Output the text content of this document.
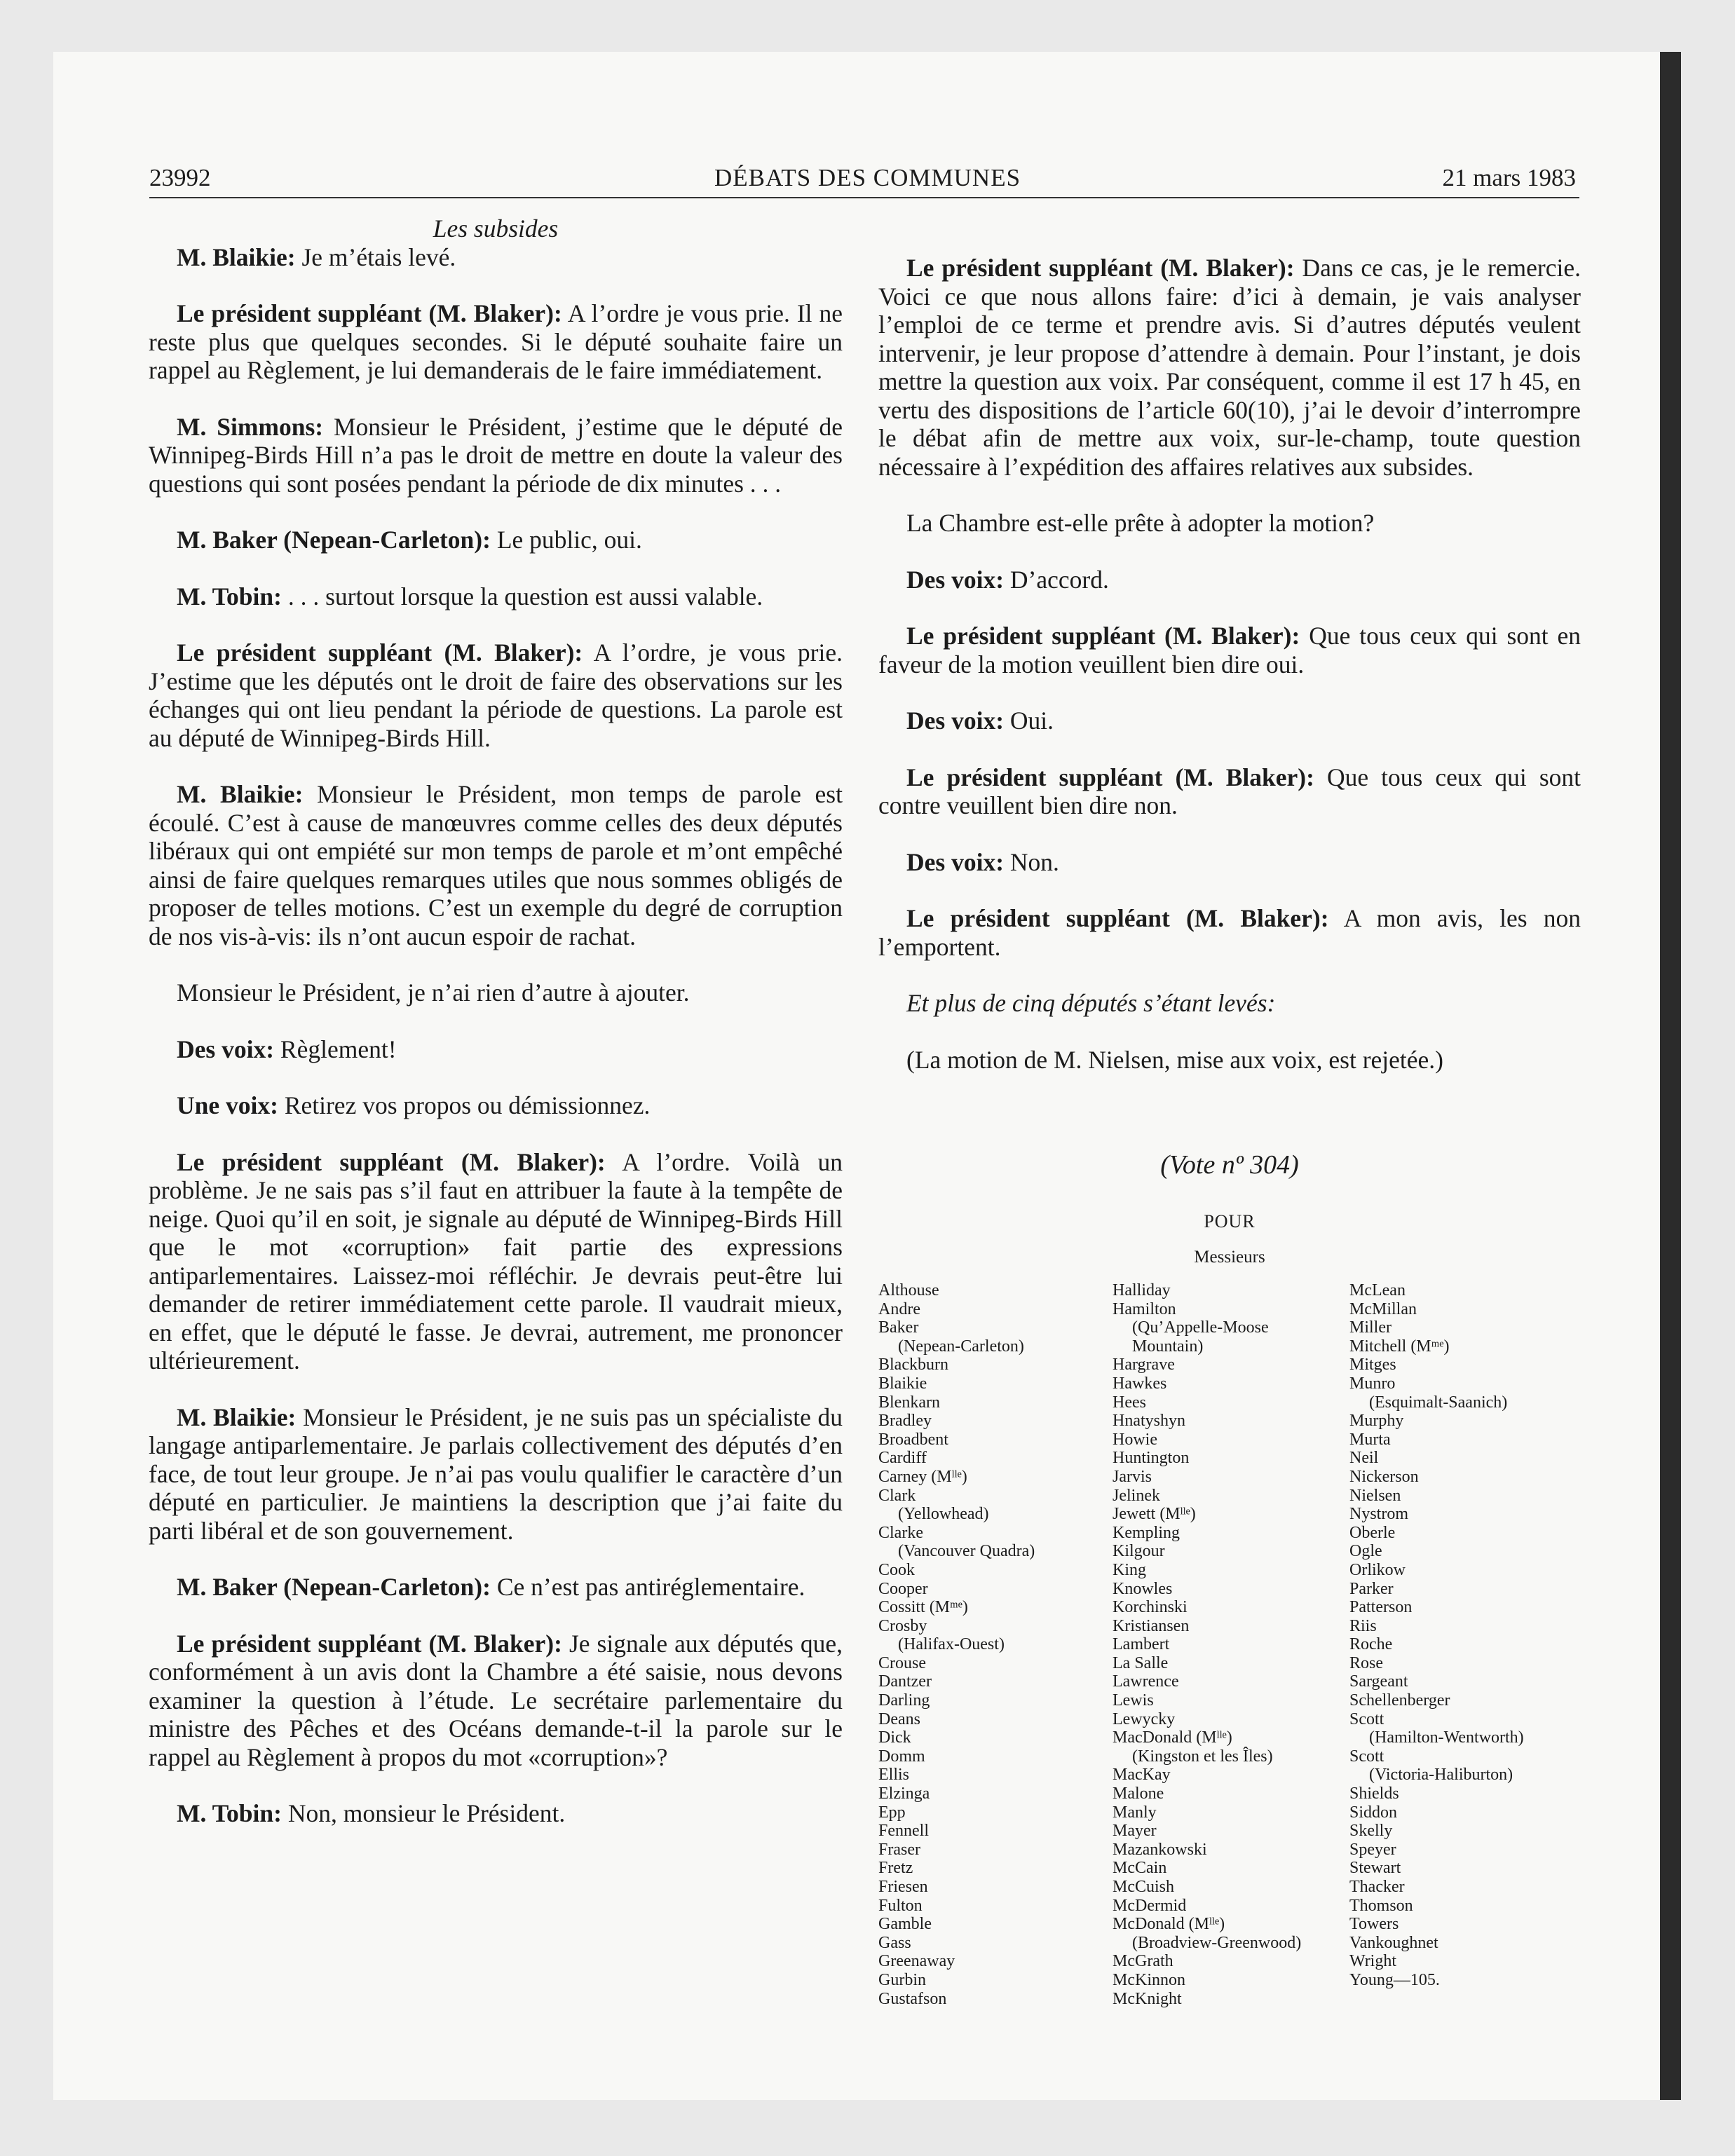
23992	DÉBATS DES COMMUNES	21 mars 1983

Les subsides

M. Blaikie: Je m’étais levé.

Le président suppléant (M. Blaker): A l’ordre je vous prie. Il ne reste plus que quelques secondes. Si le député souhaite faire un rappel au Règlement, je lui demanderais de le faire immédiatement.

M. Simmons: Monsieur le Président, j’estime que le député de Winnipeg-Birds Hill n’a pas le droit de mettre en doute la valeur des questions qui sont posées pendant la période de dix minutes . . .

M. Baker (Nepean-Carleton): Le public, oui.

M. Tobin: . . . surtout lorsque la question est aussi valable.

Le président suppléant (M. Blaker): A l’ordre, je vous prie. J’estime que les députés ont le droit de faire des observations sur les échanges qui ont lieu pendant la période de questions. La parole est au député de Winnipeg-Birds Hill.

M. Blaikie: Monsieur le Président, mon temps de parole est écoulé. C’est à cause de manœuvres comme celles des deux députés libéraux qui ont empiété sur mon temps de parole et m’ont empêché ainsi de faire quelques remarques utiles que nous sommes obligés de proposer de telles motions. C’est un exemple du degré de corruption de nos vis-à-vis: ils n’ont aucun espoir de rachat.

Monsieur le Président, je n’ai rien d’autre à ajouter.

Des voix: Règlement!

Une voix: Retirez vos propos ou démissionnez.

Le président suppléant (M. Blaker): A l’ordre. Voilà un problème. Je ne sais pas s’il faut en attribuer la faute à la tempête de neige. Quoi qu’il en soit, je signale au député de Winnipeg-Birds Hill que le mot «corruption» fait partie des expressions antiparlementaires. Laissez-moi réfléchir. Je devrais peut-être lui demander de retirer immédiatement cette parole. Il vaudrait mieux, en effet, que le député le fasse. Je devrai, autrement, me prononcer ultérieurement.

M. Blaikie: Monsieur le Président, je ne suis pas un spécialiste du langage antiparlementaire. Je parlais collectivement des députés d’en face, de tout leur groupe. Je n’ai pas voulu qualifier le caractère d’un député en particulier. Je maintiens la description que j’ai faite du parti libéral et de son gouvernement.

M. Baker (Nepean-Carleton): Ce n’est pas antiréglementaire.

Le président suppléant (M. Blaker): Je signale aux députés que, conformément à un avis dont la Chambre a été saisie, nous devons examiner la question à l’étude. Le secrétaire parlementaire du ministre des Pêches et des Océans demande-t-il la parole sur le rappel au Règlement à propos du mot «corruption»?

M. Tobin: Non, monsieur le Président.

Le président suppléant (M. Blaker): Dans ce cas, je le remercie. Voici ce que nous allons faire: d’ici à demain, je vais analyser l’emploi de ce terme et prendre avis. Si d’autres députés veulent intervenir, je leur propose d’attendre à demain. Pour l’instant, je dois mettre la question aux voix. Par conséquent, comme il est 17 h 45, en vertu des dispositions de l’article 60(10), j’ai le devoir d’interrompre le débat afin de mettre aux voix, sur-le-champ, toute question nécessaire à l’expédition des affaires relatives aux subsides.

La Chambre est-elle prête à adopter la motion?

Des voix: D’accord.

Le président suppléant (M. Blaker): Que tous ceux qui sont en faveur de la motion veuillent bien dire oui.

Des voix: Oui.

Le président suppléant (M. Blaker): Que tous ceux qui sont contre veuillent bien dire non.

Des voix: Non.

Le président suppléant (M. Blaker): A mon avis, les non l’emportent.

Et plus de cinq députés s’étant levés:

(La motion de M. Nielsen, mise aux voix, est rejetée.)

(Vote nº 304)
POUR
Messieurs
Althouse
Andre
Baker
(Nepean-Carleton)
Blackburn
Blaikie
Blenkarn
Bradley
Broadbent
Cardiff
Carney (Mˡˡᵉ)
Clark
(Yellowhead)
Clarke
(Vancouver Quadra)
Cook
Cooper
Cossitt (Mᵐᵉ)
Crosby
(Halifax-Ouest)
Crouse
Dantzer
Darling
Deans
Dick
Domm
Ellis
Elzinga
Epp
Fennell
Fraser
Fretz
Friesen
Fulton
Gamble
Gass
Greenaway
Gurbin
Gustafson
Halliday
Hamilton
(Qu’Appelle-Moose
Mountain)
Hargrave
Hawkes
Hees
Hnatyshyn
Howie
Huntington
Jarvis
Jelinek
Jewett (Mˡˡᵉ)
Kempling
Kilgour
King
Knowles
Korchinski
Kristiansen
Lambert
La Salle
Lawrence
Lewis
Lewycky
MacDonald (Mˡˡᵉ)
(Kingston et les Îles)
MacKay
Malone
Manly
Mayer
Mazankowski
McCain
McCuish
McDermid
McDonald (Mˡˡᵉ)
(Broadview-Greenwood)
McGrath
McKinnon
McKnight
McLean
McMillan
Miller
Mitchell (Mᵐᵉ)
Mitges
Munro
(Esquimalt-Saanich)
Murphy
Murta
Neil
Nickerson
Nielsen
Nystrom
Oberle
Ogle
Orlikow
Parker
Patterson
Riis
Roche
Rose
Sargeant
Schellenberger
Scott
(Hamilton-Wentworth)
Scott
(Victoria-Haliburton)
Shields
Siddon
Skelly
Speyer
Stewart
Thacker
Thomson
Towers
Vankoughnet
Wright
Young—105.
